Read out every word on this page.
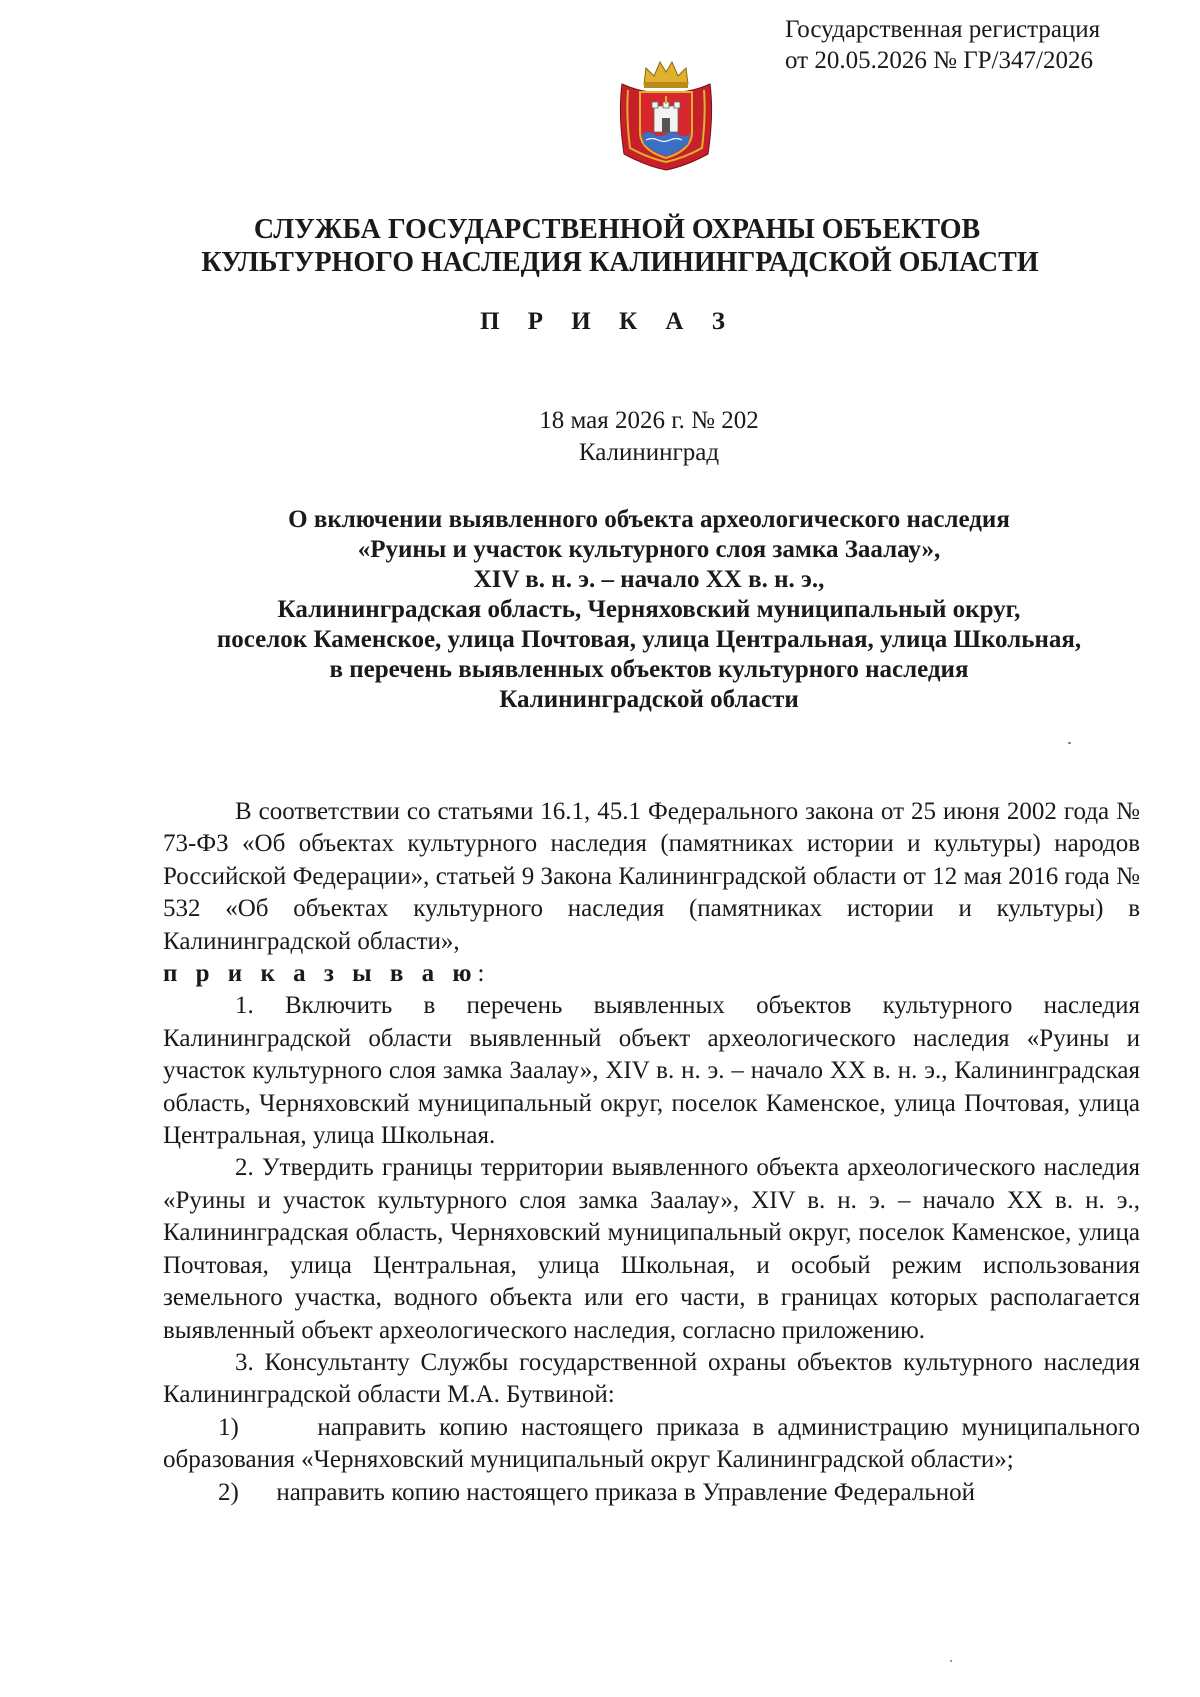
Государственная регистрация
от 20.05.2026 № ГР/347/2026
СЛУЖБА ГОСУДАРСТВЕННОЙ ОХРАНЫ ОБЪЕКТОВ
КУЛЬТУРНОГО НАСЛЕДИЯ КАЛИНИНГРАДСКОЙ ОБЛАСТИ
П Р И К А З
18 мая 2026 г. № 202
Калининград
О включении выявленного объекта археологического наследия
«Руины и участок культурного слоя замка Заалау»,
XIV в. н. э. – начало XX в. н. э.,
Калининградская область, Черняховский муниципальный округ,
поселок Каменское, улица Почтовая, улица Центральная, улица Школьная,
в перечень выявленных объектов культурного наследия
Калининградской области

В соответствии со статьями 16.1, 45.1 Федерального закона от 25 июня 2002 года № 73-ФЗ «Об объектах культурного наследия (памятниках истории и культуры) народов Российской Федерации», статьей 9 Закона Калининградской области от 12 мая 2016 года № 532 «Об объектах культурного наследия (памятниках истории и культуры) в Калининградской области»,

п р и к а з ы в а ю:

1. Включить в перечень выявленных объектов культурного наследия Калининградской области выявленный объект археологического наследия «Руины и участок культурного слоя замка Заалау», XIV в. н. э. – начало XX в. н. э., Калининградская область, Черняховский муниципальный округ, поселок Каменское, улица Почтовая, улица Центральная, улица Школьная.

2. Утвердить границы территории выявленного объекта археологического наследия «Руины и участок культурного слоя замка Заалау», XIV в. н. э. – начало XX в. н. э., Калининградская область, Черняховский муниципальный округ, поселок Каменское, улица Почтовая, улица Центральная, улица Школьная, и особый режим использования земельного участка, водного объекта или его части, в границах которых располагается выявленный объект археологического наследия, согласно приложению.

3. Консультанту Службы государственной охраны объектов культурного наследия Калининградской области М.А. Бутвиной:

1)	направить копию настоящего приказа в администрацию муниципального образования «Черняховский муниципальный округ Калининградской области»;

2) направить копию настоящего приказа в Управление Федеральной
